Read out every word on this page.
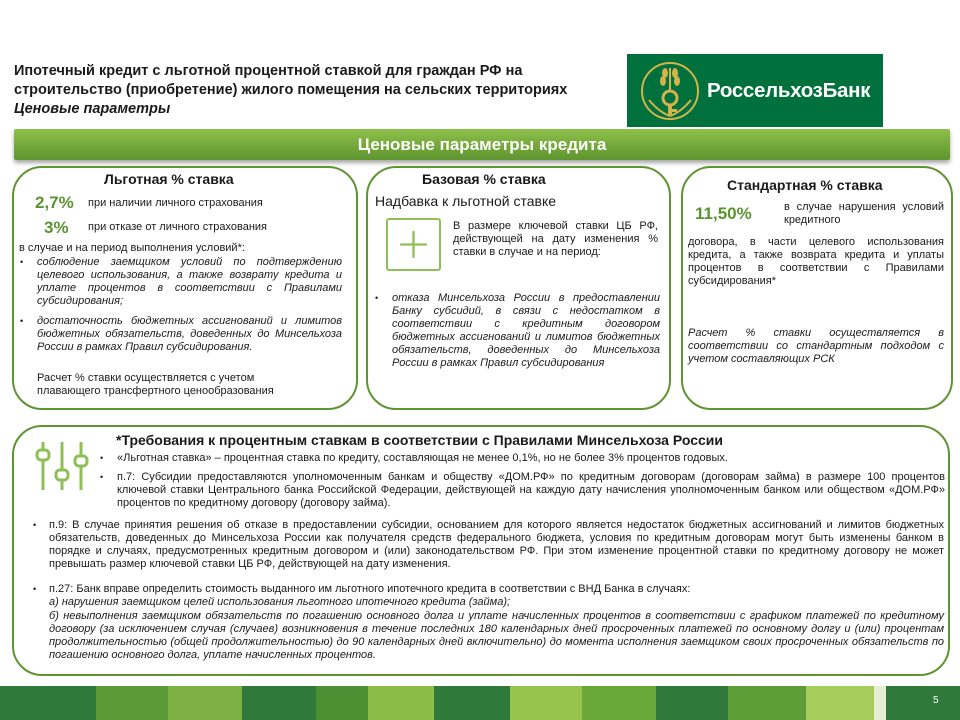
Ипотечный кредит с льготной процентной ставкой для граждан РФ на
строительство (приобретение) жилого помещения на сельских территориях
Ценовые параметры
РоссельхозБанк
Ценовые параметры кредита
Льготная % ставка
2,7% при наличии личного страхования
3% при отказе от личного страхования
в случае и на период выполнения условий*:
• соблюдение заемщиком условий по подтверждению целевого использования, а также возврату кредита и уплате процентов в соответствии с Правилами субсидирования;
• достаточность бюджетных ассигнований и лимитов бюджетных обязательств, доведенных до Минсельхоза России в рамках Правил субсидирования.
Расчет % ставки осуществляется с учетом плавающего трансфертного ценообразования
Базовая % ставка
Надбавка к льготной ставке
В размере ключевой ставки ЦБ РФ, действующей на дату изменения % ставки в случае и на период:
• отказа Минсельхоза России в предоставлении Банку субсидий, в связи с недостатком в соответствии с кредитным договором бюджетных ассигнований и лимитов бюджетных обязательств, доведенных до Минсельхоза России в рамках Правил субсидирования
Стандартная % ставка
11,50%	в случае нарушения условий кредитного
договора, в части целевого использования кредита, а также возврата кредита и уплаты процентов в соответствии с Правилами субсидирования*
Расчет % ставки осуществляется в соответствии со стандартным подходом с учетом составляющих РСК
*Требования к процентным ставкам в соответствии с Правилами Минсельхоза России
• «Льготная ставка» – процентная ставка по кредиту, составляющая не менее 0,1%, но не более 3% процентов годовых.
• п.7: Субсидии предоставляются уполномоченным банкам и обществу «ДОМ.РФ» по кредитным договорам (договорам займа) в размере 100 процентов ключевой ставки Центрального банка Российской Федерации, действующей на каждую дату начисления уполномоченным банком или обществом «ДОМ.РФ» процентов по кредитному договору (договору займа).
• п.9: В случае принятия решения об отказе в предоставлении субсидии, основанием для которого является недостаток бюджетных ассигнований и лимитов бюджетных обязательств, доведенных до Минсельхоза России как получателя средств федерального бюджета, условия по кредитным договорам могут быть изменены банком в порядке и случаях, предусмотренных кредитным договором и (или) законодательством РФ. При этом изменение процентной ставки по кредитному договору не может превышать размер ключевой ставки ЦБ РФ, действующей на дату изменения.
• п.27: Банк вправе определить стоимость выданного им льготного ипотечного кредита в соответствии с ВНД Банка в случаях:
а) нарушения заемщиком целей использования льготного ипотечного кредита (займа);
б) невыполнения заемщиком обязательств по погашению основного долга и уплате начисленных процентов в соответствии с графиком платежей по кредитному договору (за исключением случая (случаев) возникновения в течение последних 180 календарных дней просроченных платежей по основному долгу и (или) процентам продолжительностью (общей продолжительностью) до 90 календарных дней включительно) до момента исполнения заемщиком своих просроченных обязательств по погашению основного долга, уплате начисленных процентов.
5
